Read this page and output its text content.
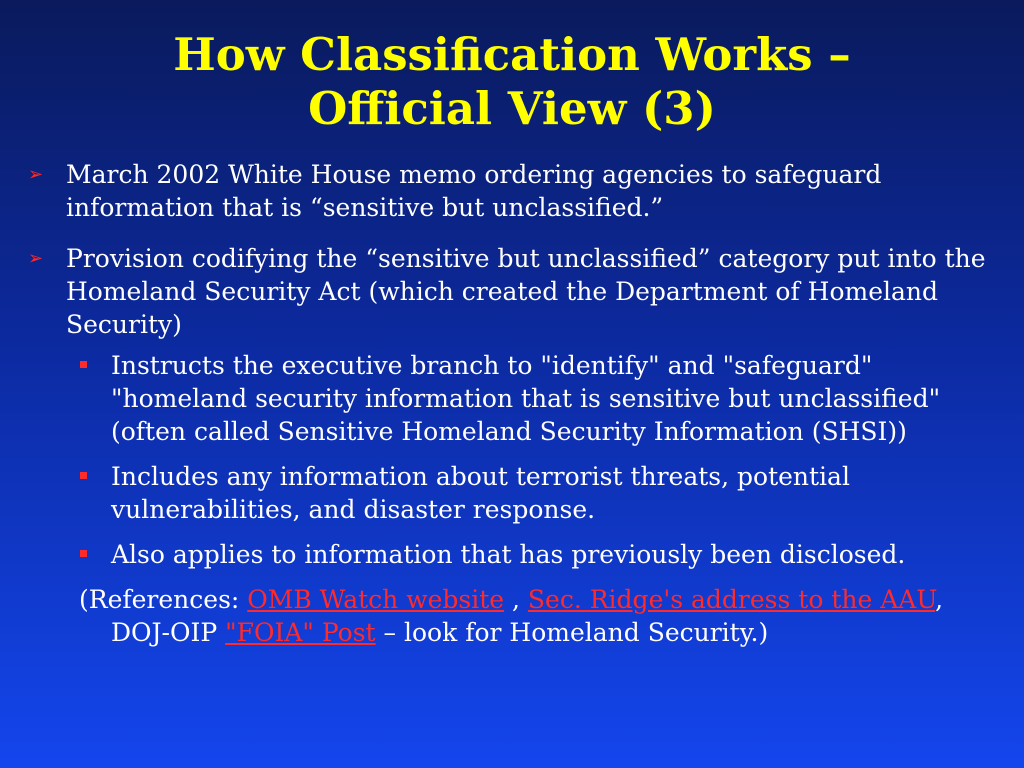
How Classification Works –
Official View (3)
➢ March 2002 White House memo ordering agencies to safeguard information that is “sensitive but unclassified.”
➢ Provision codifying the “sensitive but unclassified” category put into the Homeland Security Act (which created the Department of Homeland Security)
Instructs the executive branch to "identify" and "safeguard" "homeland security information that is sensitive but unclassified" (often called Sensitive Homeland Security Information (SHSI))
Includes any information about terrorist threats, potential vulnerabilities, and disaster response.
Also applies to information that has previously been disclosed.
(References: OMB Watch website , Sec. Ridge's address to the AAU, DOJ-OIP "FOIA" Post – look for Homeland Security.)
